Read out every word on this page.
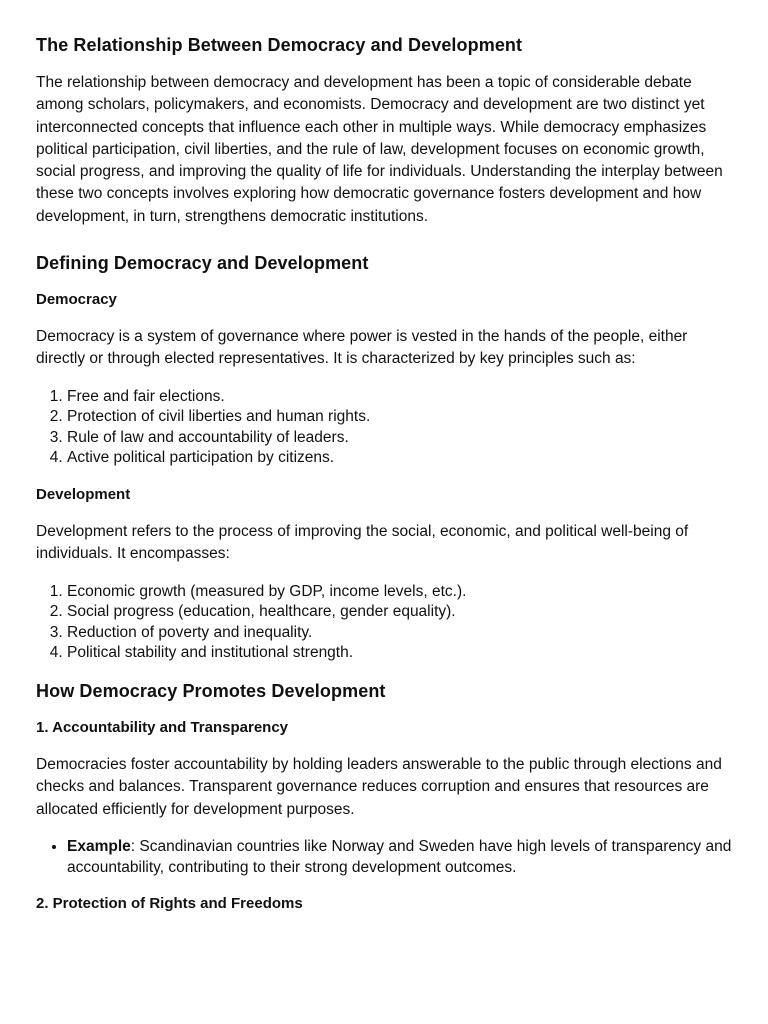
The Relationship Between Democracy and Development

The relationship between democracy and development has been a topic of considerable debate among scholars, policymakers, and economists. Democracy and development are two distinct yet interconnected concepts that influence each other in multiple ways. While democracy emphasizes political participation, civil liberties, and the rule of law, development focuses on economic growth, social progress, and improving the quality of life for individuals. Understanding the interplay between these two concepts involves exploring how democratic governance fosters development and how development, in turn, strengthens democratic institutions.

Defining Democracy and Development
Democracy

Democracy is a system of governance where power is vested in the hands of the people, either directly or through elected representatives. It is characterized by key principles such as:

1. Free and fair elections.
2. Protection of civil liberties and human rights.
3. Rule of law and accountability of leaders.
4. Active political participation by citizens.
Development

Development refers to the process of improving the social, economic, and political well-being of individuals. It encompasses:

1. Economic growth (measured by GDP, income levels, etc.).
2. Social progress (education, healthcare, gender equality).
3. Reduction of poverty and inequality.
4. Political stability and institutional strength.
How Democracy Promotes Development
1. Accountability and Transparency

Democracies foster accountability by holding leaders answerable to the public through elections and checks and balances. Transparent governance reduces corruption and ensures that resources are allocated efficiently for development purposes.

• Example: Scandinavian countries like Norway and Sweden have high levels of transparency and accountability, contributing to their strong development outcomes.
2. Protection of Rights and Freedoms
